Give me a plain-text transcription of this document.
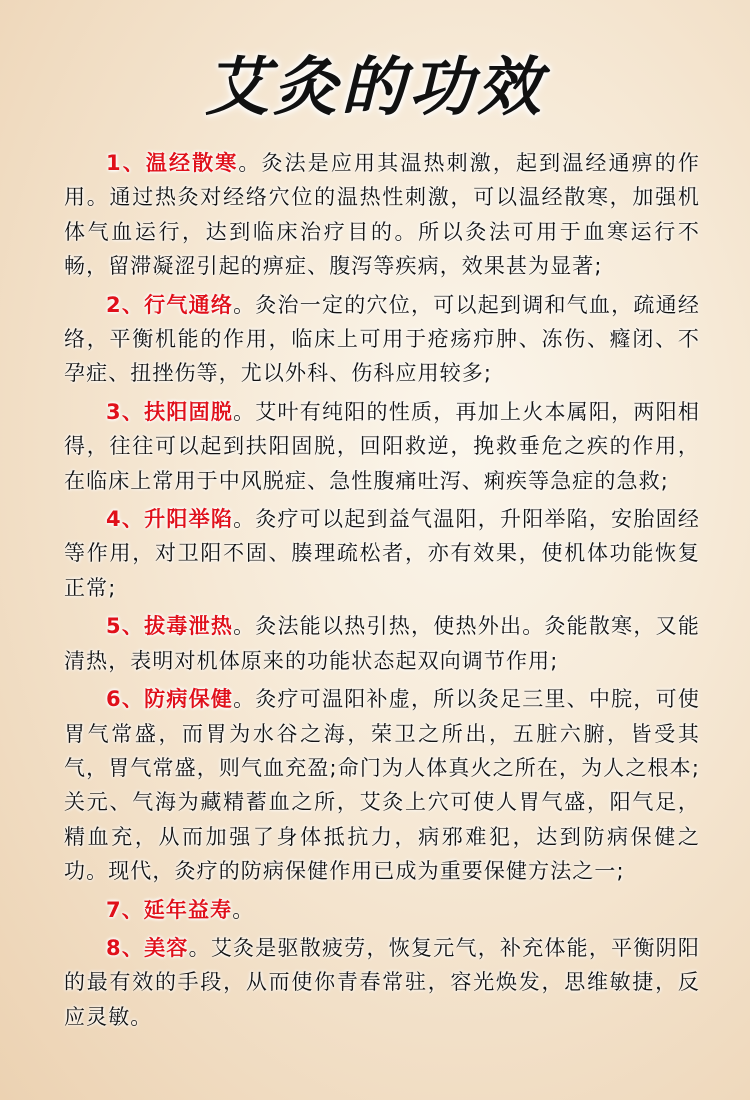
艾灸的功效

1、温经散寒。灸法是应用其温热刺激，起到温经通痹的作用。通过热灸对经络穴位的温热性刺激，可以温经散寒，加强机体气血运行，达到临床治疗目的。所以灸法可用于血寒运行不畅，留滞凝涩引起的痹症、腹泻等疾病，效果甚为显著;

2、行气通络。灸治一定的穴位，可以起到调和气血，疏通经络，平衡机能的作用，临床上可用于疮疡疖肿、冻伤、癃闭、不孕症、扭挫伤等，尤以外科、伤科应用较多;

3、扶阳固脱。艾叶有纯阳的性质，再加上火本属阳，两阳相得，往往可以起到扶阳固脱，回阳救逆，挽救垂危之疾的作用，在临床上常用于中风脱症、急性腹痛吐泻、痢疾等急症的急救;

4、升阳举陷。灸疗可以起到益气温阳，升阳举陷，安胎固经等作用，对卫阳不固、腠理疏松者，亦有效果，使机体功能恢复正常;

5、拔毒泄热。灸法能以热引热，使热外出。灸能散寒，又能清热，表明对机体原来的功能状态起双向调节作用;

6、防病保健。灸疗可温阳补虚，所以灸足三里、中脘，可使胃气常盛，而胃为水谷之海，荣卫之所出，五脏六腑，皆受其气，胃气常盛，则气血充盈;命门为人体真火之所在，为人之根本;关元、气海为藏精蓄血之所，艾灸上穴可使人胃气盛，阳气足，精血充，从而加强了身体抵抗力，病邪难犯，达到防病保健之功。现代，灸疗的防病保健作用已成为重要保健方法之一;

7、延年益寿。

8、美容。艾灸是驱散疲劳，恢复元气，补充体能，平衡阴阳的最有效的手段，从而使你青春常驻，容光焕发，思维敏捷，反应灵敏。
